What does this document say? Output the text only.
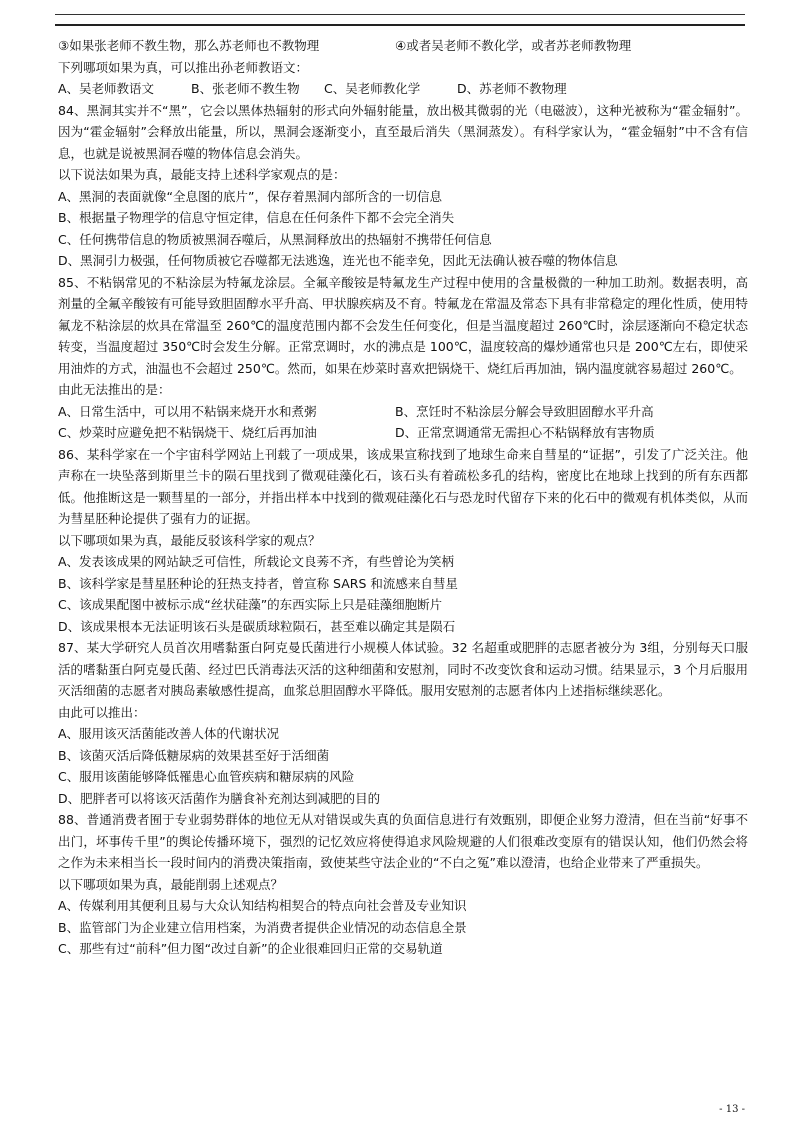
③如果张老师不教生物，那么苏老师也不教物理	④或者吴老师不教化学，或者苏老师教物理
下列哪项如果为真，可以推出孙老师教语文：
A、吴老师教语文	B、张老师不教生物	C、吴老师教化学	D、苏老师不教物理
84、黑洞其实并不“黑”，它会以黑体热辐射的形式向外辐射能量，放出极其微弱的光（电磁波），这种光被称为“霍金辐射”。因为“霍金辐射”会释放出能量，所以，黑洞会逐渐变小，直至最后消失（黑洞蒸发）。有科学家认为，“霍金辐射”中不含有信息，也就是说被黑洞吞噬的物体信息会消失。
以下说法如果为真，最能支持上述科学家观点的是：
A、黑洞的表面就像“全息图的底片”，保存着黑洞内部所含的一切信息
B、根据量子物理学的信息守恒定律，信息在任何条件下都不会完全消失
C、任何携带信息的物质被黑洞吞噬后，从黑洞释放出的热辐射不携带任何信息
D、黑洞引力极强，任何物质被它吞噬都无法逃逸，连光也不能幸免，因此无法确认被吞噬的物体信息
85、不粘锅常见的不粘涂层为特氟龙涂层。全氟辛酸铵是特氟龙生产过程中使用的含量极微的一种加工助剂。数据表明，高剂量的全氟辛酸铵有可能导致胆固醇水平升高、甲状腺疾病及不育。特氟龙在常温及常态下具有非常稳定的理化性质，使用特氟龙不粘涂层的炊具在常温至 260℃的温度范围内都不会发生任何变化，但是当温度超过 260℃时，涂层逐渐向不稳定状态转变，当温度超过 350℃时会发生分解。正常烹调时，水的沸点是 100℃，温度较高的爆炒通常也只是 200℃左右，即使采用油炸的方式，油温也不会超过 250℃。然而，如果在炒菜时喜欢把锅烧干、烧红后再加油，锅内温度就容易超过 260℃。
由此无法推出的是：
A、日常生活中，可以用不粘锅来烧开水和煮粥	B、烹饪时不粘涂层分解会导致胆固醇水平升高
C、炒菜时应避免把不粘锅烧干、烧红后再加油	D、正常烹调通常无需担心不粘锅释放有害物质
86、某科学家在一个宇宙科学网站上刊载了一项成果，该成果宣称找到了地球生命来自彗星的“证据”，引发了广泛关注。他声称在一块坠落到斯里兰卡的陨石里找到了微观硅藻化石，该石头有着疏松多孔的结构，密度比在地球上找到的所有东西都低。他推断这是一颗彗星的一部分，并指出样本中找到的微观硅藻化石与恐龙时代留存下来的化石中的微观有机体类似，从而为彗星胚种论提供了强有力的证据。
以下哪项如果为真，最能反驳该科学家的观点？
A、发表该成果的网站缺乏可信性，所载论文良莠不齐，有些曾论为笑柄
B、该科学家是彗星胚种论的狂热支持者，曾宣称 SARS 和流感来自彗星
C、该成果配图中被标示成“丝状硅藻”的东西实际上只是硅藻细胞断片
D、该成果根本无法证明该石头是碳质球粒陨石，甚至难以确定其是陨石
87、某大学研究人员首次用嗜黏蛋白阿克曼氏菌进行小规模人体试验。32 名超重或肥胖的志愿者被分为 3组，分别每天口服活的嗜黏蛋白阿克曼氏菌、经过巴氏消毒法灭活的这种细菌和安慰剂，同时不改变饮食和运动习惯。结果显示，3 个月后服用灭活细菌的志愿者对胰岛素敏感性提高，血浆总胆固醇水平降低。服用安慰剂的志愿者体内上述指标继续恶化。
由此可以推出：
A、服用该灭活菌能改善人体的代谢状况
B、该菌灭活后降低糖尿病的效果甚至好于活细菌
C、服用该菌能够降低罹患心血管疾病和糖尿病的风险
D、肥胖者可以将该灭活菌作为膳食补充剂达到减肥的目的
88、普通消费者囿于专业弱势群体的地位无从对错误或失真的负面信息进行有效甄别，即便企业努力澄清，但在当前“好事不出门，坏事传千里”的舆论传播环境下，强烈的记忆效应将使得追求风险规避的人们很难改变原有的错误认知，他们仍然会将之作为未来相当长一段时间内的消费决策指南，致使某些守法企业的“不白之冤”难以澄清，也给企业带来了严重损失。
以下哪项如果为真，最能削弱上述观点？
A、传媒利用其便利且易与大众认知结构相契合的特点向社会普及专业知识
B、监管部门为企业建立信用档案，为消费者提供企业情况的动态信息全景
C、那些有过“前科”但力图“改过自新”的企业很难回归正常的交易轨道
- 13 -
